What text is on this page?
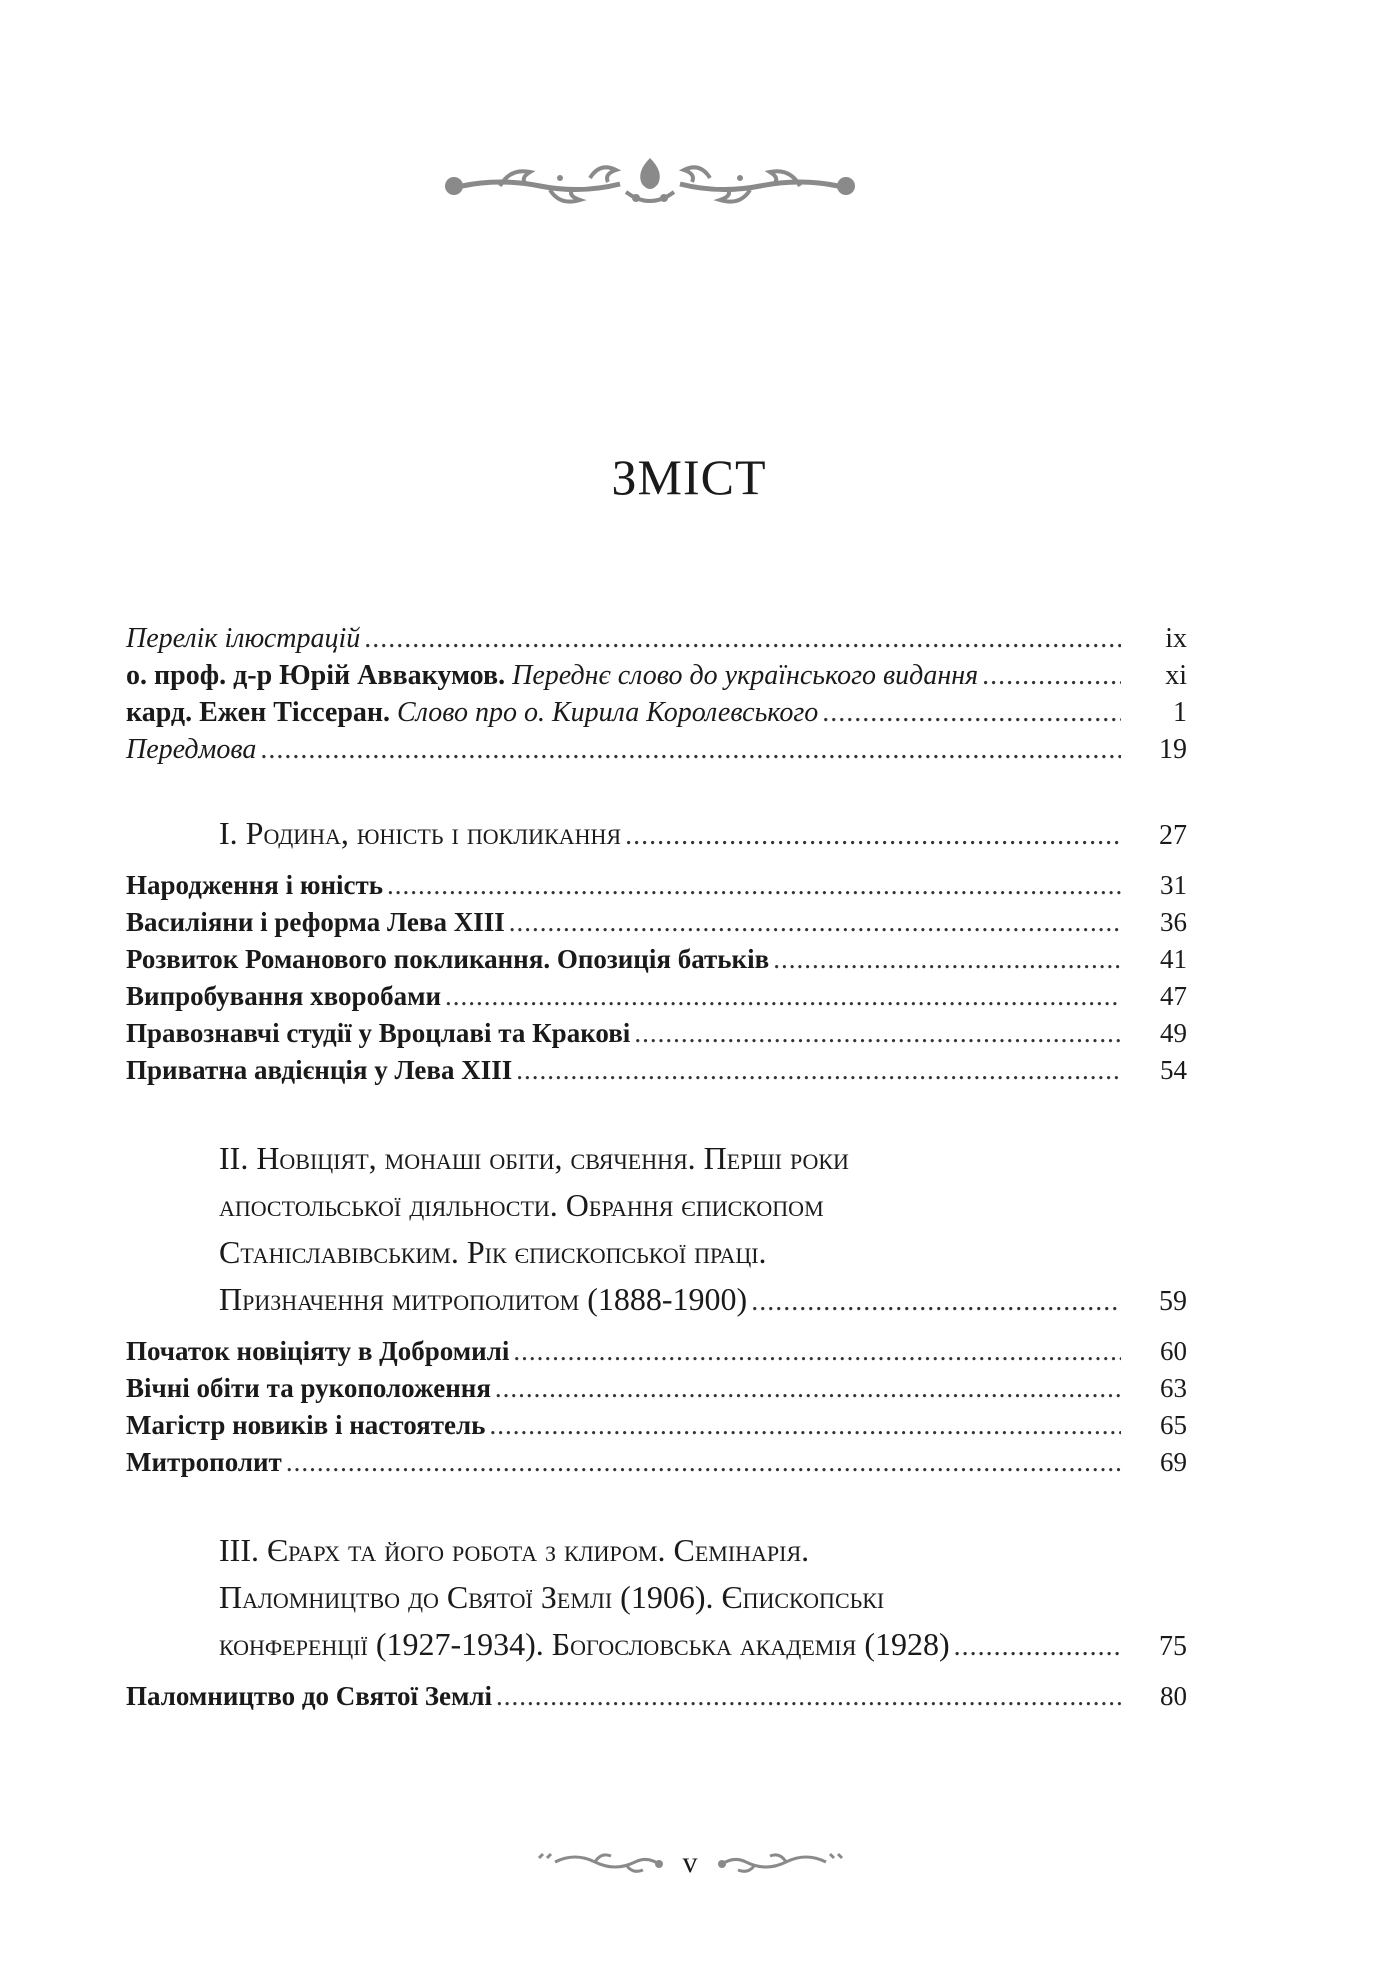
ЗМІСТ
Перелік ілюстрацій .....	ix
о. проф. д-р Юрій Аввакумов. Переднє слово до українського видання .....	xi
кард. Ежен Тіссеран. Слово про о. Кирила Королевського .....	1
Передмова .....	19
І. Родина, юність і покликання .....	27
Народження і юність .....	31
Василіяни і реформа Лева XIII .....	36
Розвиток Романового покликання. Опозиція батьків .....	41
Випробування хворобами .....	47
Правознавчі студії у Вроцлаві та Кракові .....	49
Приватна авдієнція у Лева XIII .....	54
ІІ. Новіціят, монаші обіти, свячення. Перші роки
апостольської діяльности. Обрання єпископом
Станіславівським. Рік єпископської праці.
Призначення митрополитом (1888-1900) .....	59
Початок новіціяту в Добромилі .....	60
Вічні обіти та рукоположення .....	63
Магістр новиків і настоятель .....	65
Митрополит .....	69
ІІІ. Єрарх та його робота з клиром. Семінарія.
Паломництво до Святої Землі (1906). Єпископські
конференції (1927-1934). Богословська академія (1928) .....	75
Паломництво до Святої Землі .....	80
v
